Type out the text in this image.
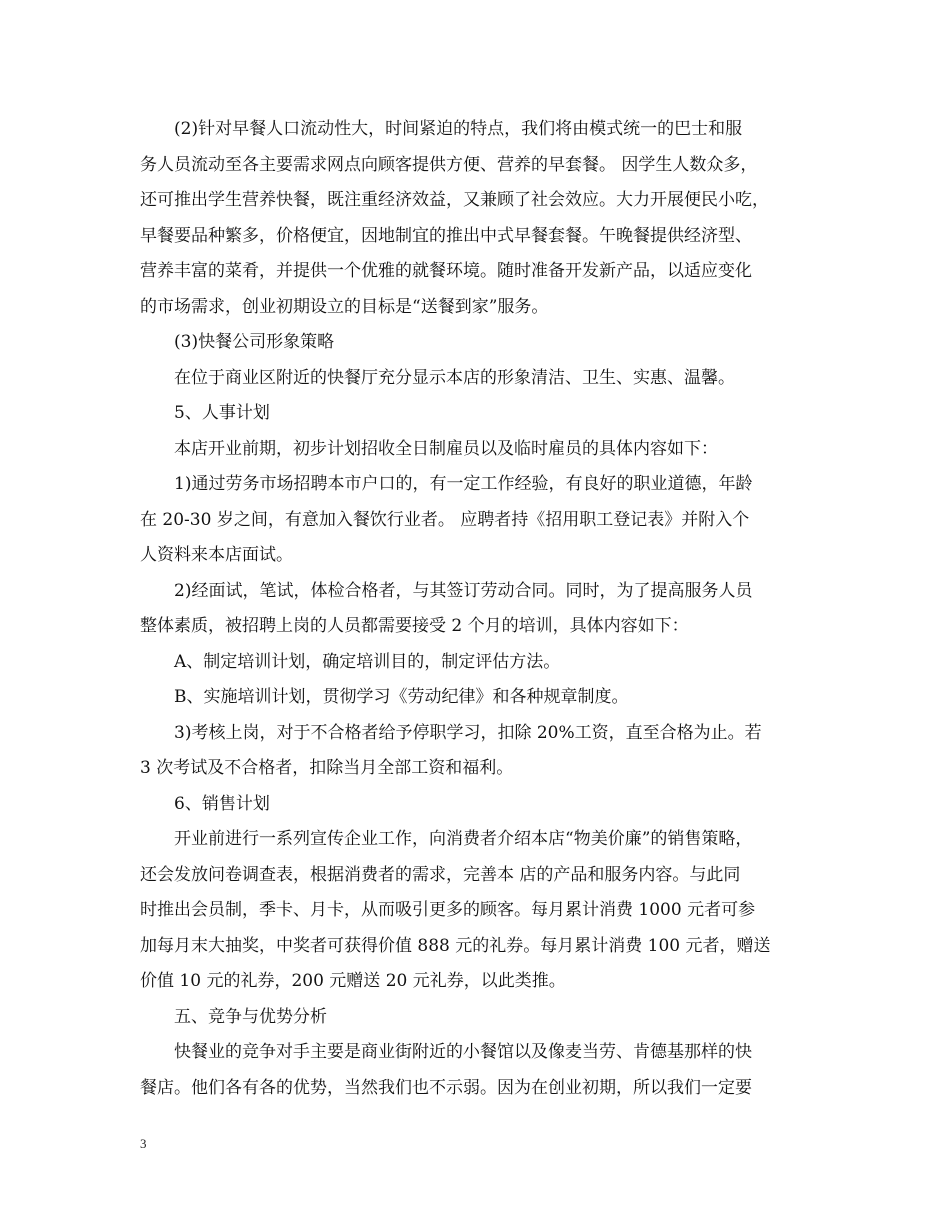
(2)针对早餐人口流动性大，时间紧迫的特点，我们将由模式统一的巴士和服
务人员流动至各主要需求网点向顾客提供方便、营养的早套餐。 因学生人数众多，
还可推出学生营养快餐，既注重经济效益，又兼顾了社会效应。大力开展便民小吃，
早餐要品种繁多，价格便宜，因地制宜的推出中式早餐套餐。午晚餐提供经济型、
营养丰富的菜肴，并提供一个优雅的就餐环境。随时准备开发新产品，以适应变化
的市场需求，创业初期设立的目标是“送餐到家”服务。
(3)快餐公司形象策略
在位于商业区附近的快餐厅充分显示本店的形象清洁、卫生、实惠、温馨。
5、人事计划
本店开业前期，初步计划招收全日制雇员以及临时雇员的具体内容如下：
1)通过劳务市场招聘本市户口的，有一定工作经验，有良好的职业道德，年龄
在 20-30 岁之间，有意加入餐饮行业者。 应聘者持《招用职工登记表》并附入个
人资料来本店面试。
2)经面试，笔试，体检合格者，与其签订劳动合同。同时，为了提高服务人员
整体素质，被招聘上岗的人员都需要接受 2 个月的培训，具体内容如下：
A、制定培训计划，确定培训目的，制定评估方法。
B、实施培训计划，贯彻学习《劳动纪律》和各种规章制度。
3)考核上岗，对于不合格者给予停职学习，扣除 20%工资，直至合格为止。若
3 次考试及不合格者，扣除当月全部工资和福利。
6、销售计划
开业前进行一系列宣传企业工作，向消费者介绍本店“物美价廉”的销售策略，
还会发放问卷调查表，根据消费者的需求，完善本 店的产品和服务内容。与此同
时推出会员制，季卡、月卡，从而吸引更多的顾客。每月累计消费 1000 元者可参
加每月末大抽奖，中奖者可获得价值 888 元的礼券。每月累计消费 100 元者，赠送
价值 10 元的礼券，200 元赠送 20 元礼券，以此类推。
五、竞争与优势分析
快餐业的竞争对手主要是商业街附近的小餐馆以及像麦当劳、肯德基那样的快
餐店。他们各有各的优势，当然我们也不示弱。因为在创业初期，所以我们一定要
3
